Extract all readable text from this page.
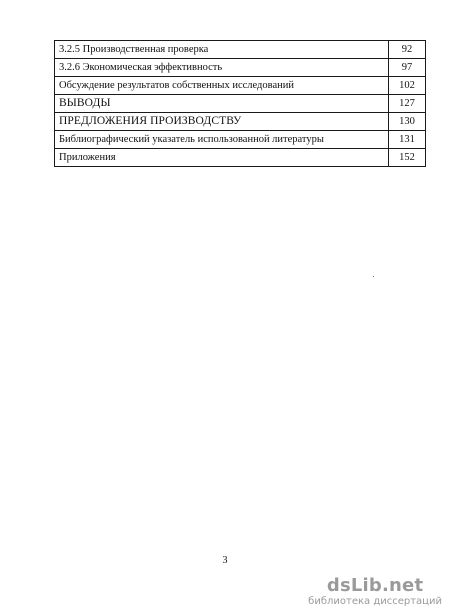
3.2.5 Производственная проверка	92
3.2.6 Экономическая эффективность	97
Обсуждение результатов собственных исследований	102
ВЫВОДЫ	127
ПРЕДЛОЖЕНИЯ ПРОИЗВОДСТВУ	130
Библиографический указатель использованной литературы	131
Приложения	152
3
dsLib.net
библиотека диссертаций
